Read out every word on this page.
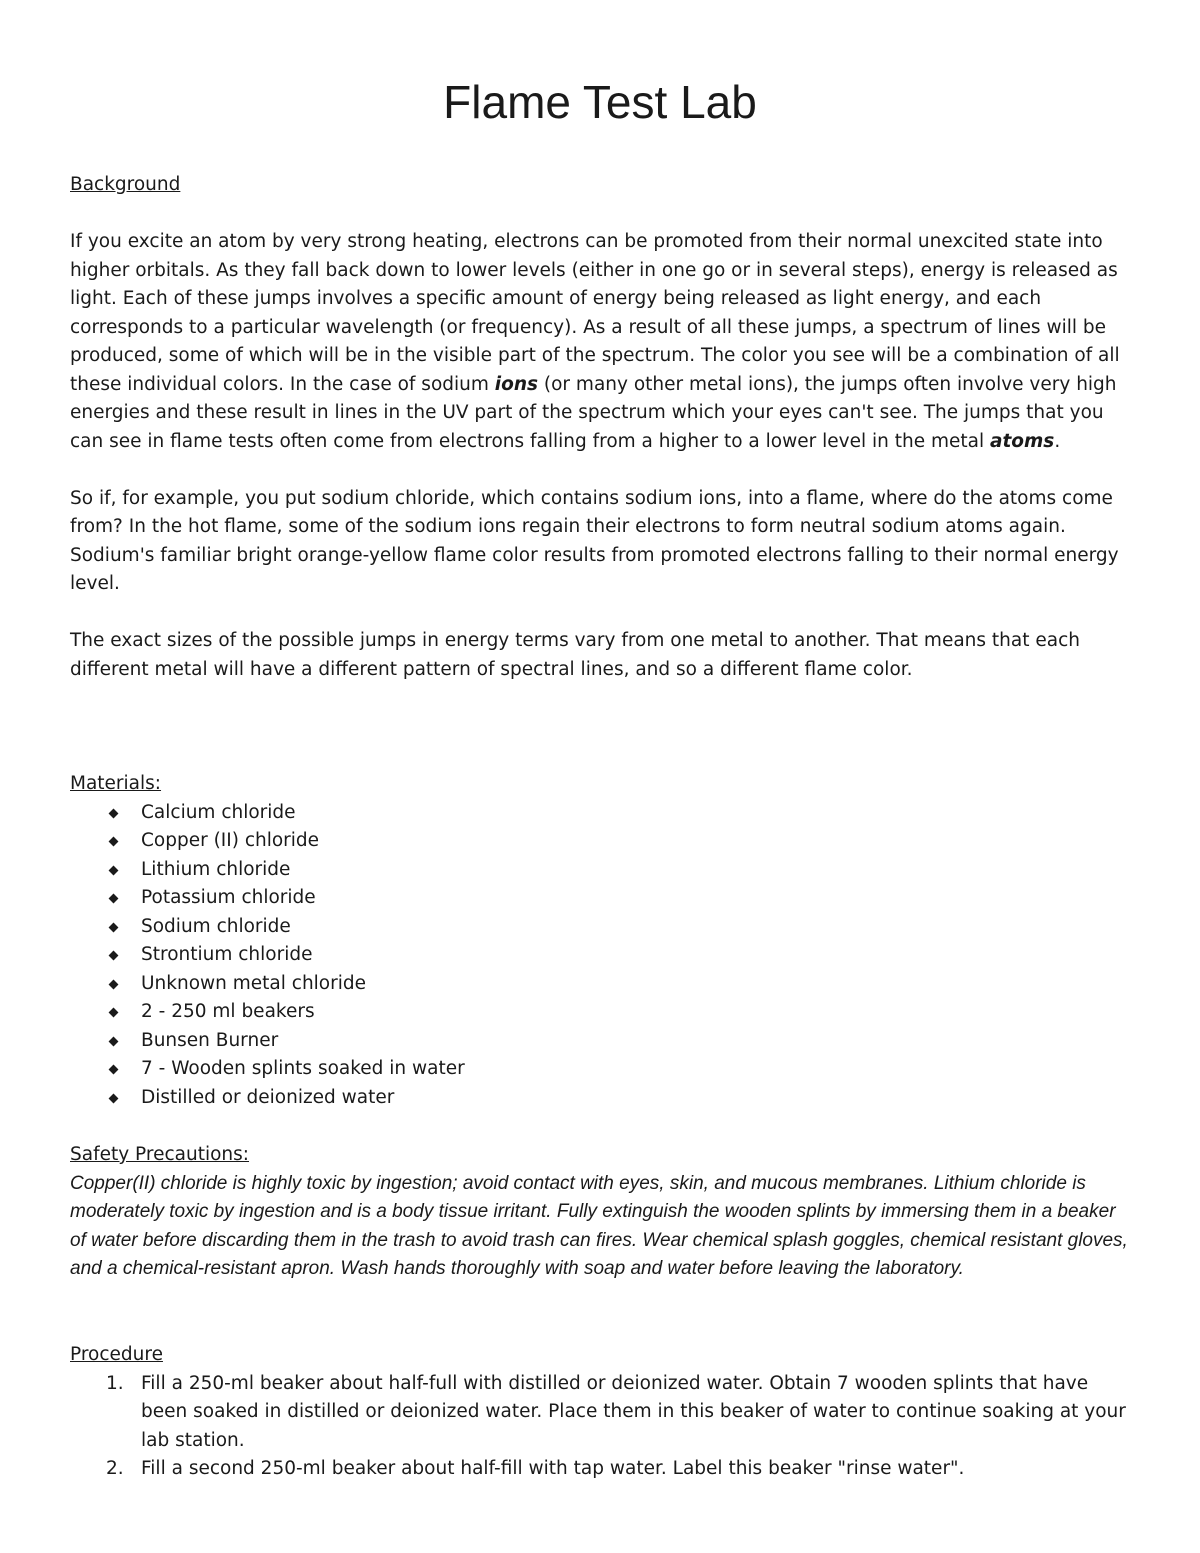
Flame Test Lab

Background

If you excite an atom by very strong heating, electrons can be promoted from their normal unexcited state into higher orbitals. As they fall back down to lower levels (either in one go or in several steps), energy is released as light. Each of these jumps involves a specific amount of energy being released as light energy, and each corresponds to a particular wavelength (or frequency). As a result of all these jumps, a spectrum of lines will be produced, some of which will be in the visible part of the spectrum. The color you see will be a combination of all these individual colors. In the case of sodium ions (or many other metal ions), the jumps often involve very high energies and these result in lines in the UV part of the spectrum which your eyes can't see. The jumps that you can see in flame tests often come from electrons falling from a higher to a lower level in the metal atoms.

So if, for example, you put sodium chloride, which contains sodium ions, into a flame, where do the atoms come from? In the hot flame, some of the sodium ions regain their electrons to form neutral sodium atoms again. Sodium's familiar bright orange-yellow flame color results from promoted electrons falling to their normal energy level.

The exact sizes of the possible jumps in energy terms vary from one metal to another. That means that each different metal will have a different pattern of spectral lines, and so a different flame color.

Materials:

Calcium chloride
Copper (II) chloride
Lithium chloride
Potassium chloride
Sodium chloride
Strontium chloride
Unknown metal chloride
2 - 250 ml beakers
Bunsen Burner
7 - Wooden splints soaked in water
Distilled or deionized water

Safety Precautions:

Copper(II) chloride is highly toxic by ingestion; avoid contact with eyes, skin, and mucous membranes. Lithium chloride is moderately toxic by ingestion and is a body tissue irritant. Fully extinguish the wooden splints by immersing them in a beaker of water before discarding them in the trash to avoid trash can fires. Wear chemical splash goggles, chemical resistant gloves, and a chemical-resistant apron. Wash hands thoroughly with soap and water before leaving the laboratory.

Procedure

1. Fill a 250-ml beaker about half-full with distilled or deionized water. Obtain 7 wooden splints that have been soaked in distilled or deionized water. Place them in this beaker of water to continue soaking at your lab station.
2. Fill a second 250-ml beaker about half-fill with tap water. Label this beaker "rinse water".
